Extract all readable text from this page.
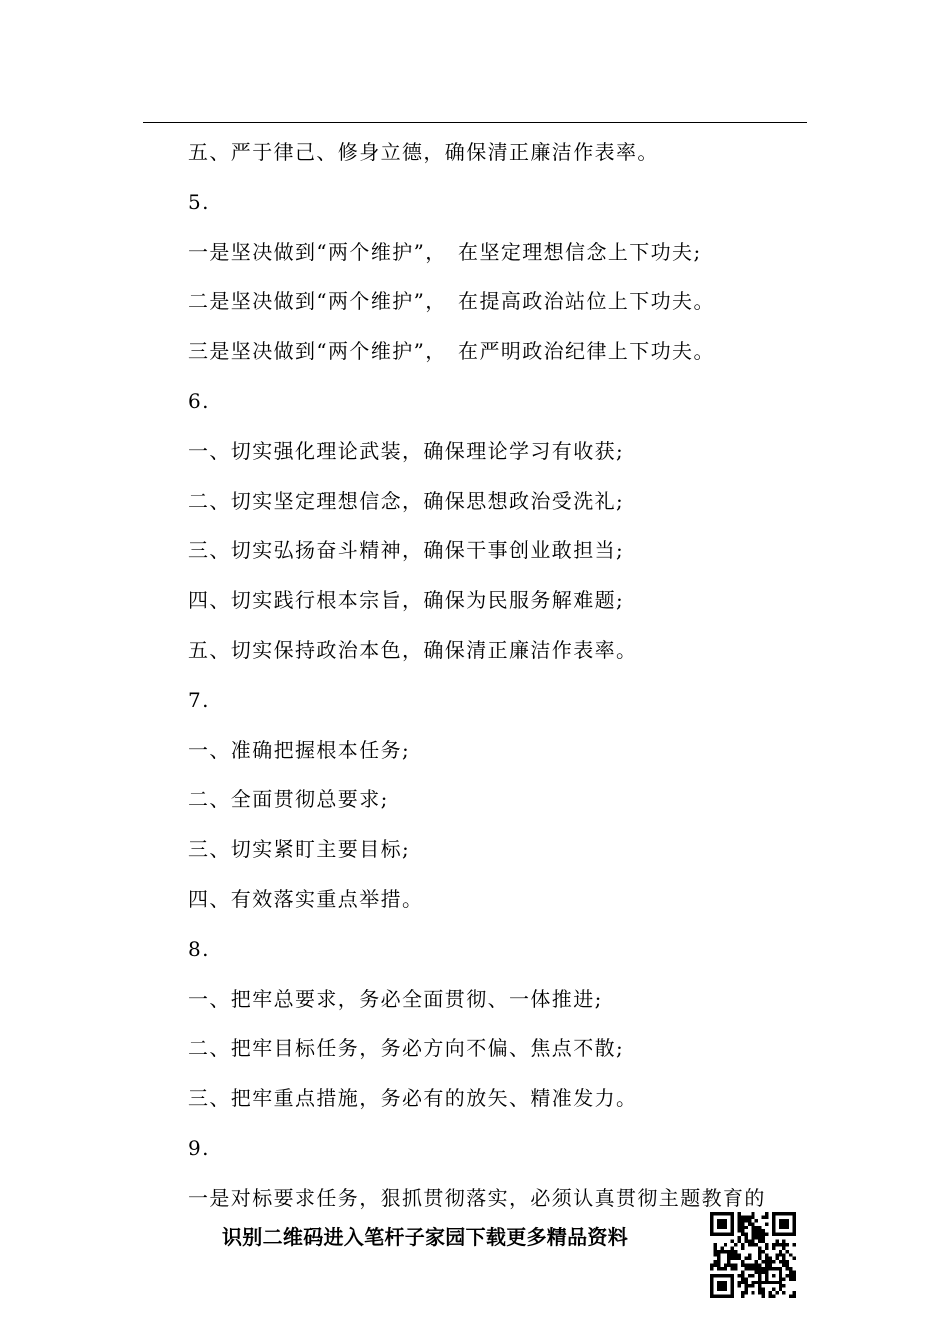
五、严于律己、修身立德，确保清正廉洁作表率。
5.
一是坚决做到“两个维护”，　在坚定理想信念上下功夫;
二是坚决做到“两个维护”，　在提高政治站位上下功夫。
三是坚决做到“两个维护”，　在严明政治纪律上下功夫。
6.
一、切实强化理论武装，确保理论学习有收获;
二、切实坚定理想信念，确保思想政治受洗礼;
三、切实弘扬奋斗精神，确保干事创业敢担当;
四、切实践行根本宗旨，确保为民服务解难题;
五、切实保持政治本色，确保清正廉洁作表率。
7.
一、准确把握根本任务;
二、全面贯彻总要求;
三、切实紧盯主要目标;
四、有效落实重点举措。
8.
一、把牢总要求，务必全面贯彻、一体推进;
二、把牢目标任务，务必方向不偏、焦点不散;
三、把牢重点措施，务必有的放矢、精准发力。
9.
一是对标要求任务，狠抓贯彻落实，必须认真贯彻主题教育的
识别二维码进入笔杆子家园下载更多精品资料
